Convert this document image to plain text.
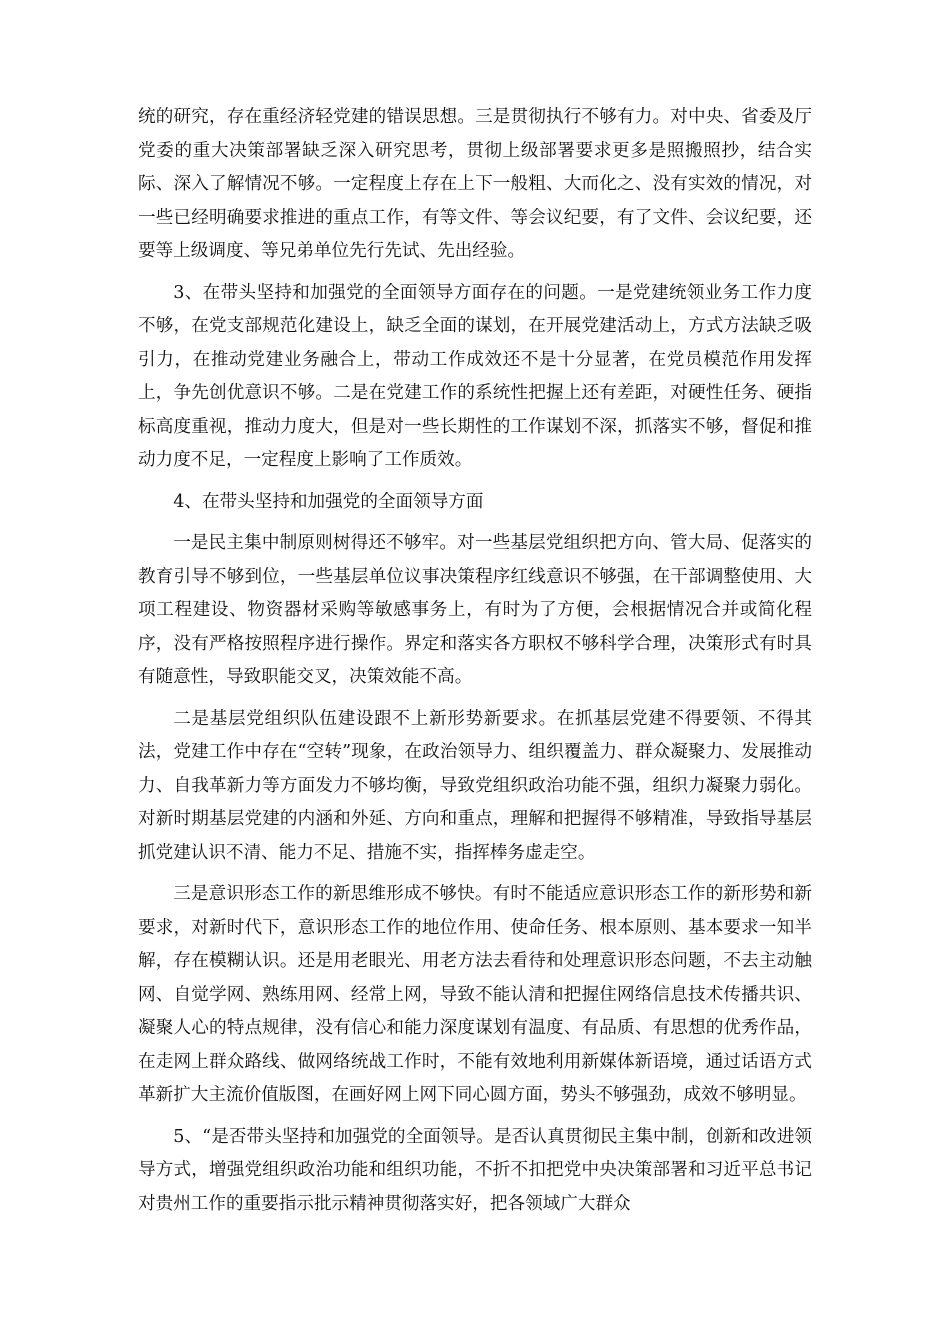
统的研究，存在重经济轻党建的错误思想。三是贯彻执行不够有力。对中央、省委及厅党委的重大决策部署缺乏深入研究思考，贯彻上级部署要求更多是照搬照抄，结合实际、深入了解情况不够。一定程度上存在上下一般粗、大而化之、没有实效的情况，对一些已经明确要求推进的重点工作，有等文件、等会议纪要，有了文件、会议纪要，还要等上级调度、等兄弟单位先行先试、先出经验。

3、在带头坚持和加强党的全面领导方面存在的问题。一是党建统领业务工作力度不够，在党支部规范化建设上，缺乏全面的谋划，在开展党建活动上，方式方法缺乏吸引力，在推动党建业务融合上，带动工作成效还不是十分显著，在党员模范作用发挥上，争先创优意识不够。二是在党建工作的系统性把握上还有差距，对硬性任务、硬指标高度重视，推动力度大，但是对一些长期性的工作谋划不深，抓落实不够，督促和推动力度不足，一定程度上影响了工作质效。

4、在带头坚持和加强党的全面领导方面

一是民主集中制原则树得还不够牢。对一些基层党组织把方向、管大局、促落实的教育引导不够到位，一些基层单位议事决策程序红线意识不够强，在干部调整使用、大项工程建设、物资器材采购等敏感事务上，有时为了方便，会根据情况合并或简化程序，没有严格按照程序进行操作。界定和落实各方职权不够科学合理，决策形式有时具有随意性，导致职能交叉，决策效能不高。

二是基层党组织队伍建设跟不上新形势新要求。在抓基层党建不得要领、不得其法，党建工作中存在“空转”现象，在政治领导力、组织覆盖力、群众凝聚力、发展推动力、自我革新力等方面发力不够均衡，导致党组织政治功能不强，组织力凝聚力弱化。对新时期基层党建的内涵和外延、方向和重点，理解和把握得不够精准，导致指导基层抓党建认识不清、能力不足、措施不实，指挥棒务虚走空。

三是意识形态工作的新思维形成不够快。有时不能适应意识形态工作的新形势和新要求，对新时代下，意识形态工作的地位作用、使命任务、根本原则、基本要求一知半解，存在模糊认识。还是用老眼光、用老方法去看待和处理意识形态问题，不去主动触网、自觉学网、熟练用网、经常上网，导致不能认清和把握住网络信息技术传播共识、凝聚人心的特点规律，没有信心和能力深度谋划有温度、有品质、有思想的优秀作品，在走网上群众路线、做网络统战工作时，不能有效地利用新媒体新语境，通过话语方式革新扩大主流价值版图，在画好网上网下同心圆方面，势头不够强劲，成效不够明显。

5、“是否带头坚持和加强党的全面领导。是否认真贯彻民主集中制，创新和改进领导方式，增强党组织政治功能和组织功能，不折不扣把党中央决策部署和习近平总书记对贵州工作的重要指示批示精神贯彻落实好，把各领域广大群众
